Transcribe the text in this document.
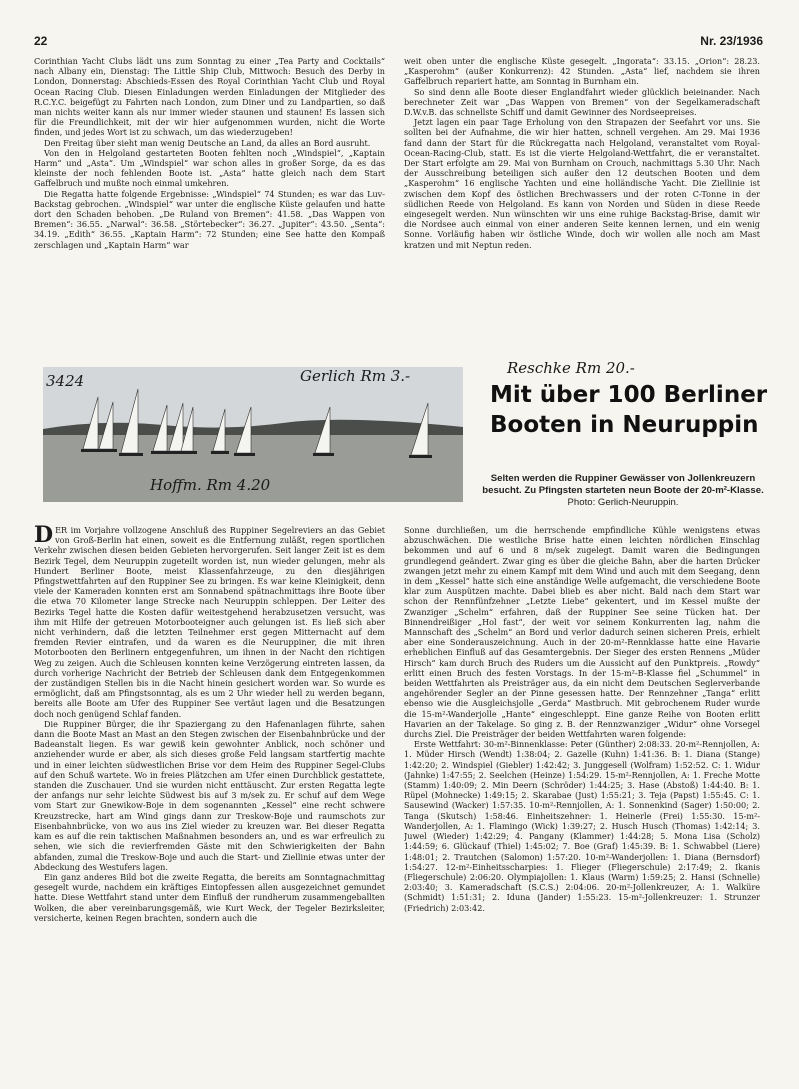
22	Nr. 23/1936

Corinthian Yacht Clubs lädt uns zum Sonntag zu einer „Tea Party and Cocktails“ nach Albany ein, Dienstag: The Little Ship Club, Mittwoch: Besuch des Derby in London, Donnerstag: Abschieds-Essen des Royal Corinthian Yacht Club und Royal Ocean Racing Club. Diesen Einladungen werden Einladungen der Mitglieder des R.C.Y.C. beigefügt zu Fahrten nach London, zum Diner und zu Landpartien, so daß man nichts weiter kann als nur immer wieder staunen und staunen! Es lassen sich für die Freundlichkeit, mit der wir hier aufgenommen wurden, nicht die Worte finden, und jedes Wort ist zu schwach, um das wiederzugeben!

Den Freitag über sieht man wenig Deutsche an Land, da alles an Bord ausruht.

Von den in Helgoland gestarteten Booten fehlten noch „Windspiel“, „Kaptain Harm“ und „Asta“. Um „Windspiel“ war schon alles in großer Sorge, da es das kleinste der noch fehlenden Boote ist. „Asta“ hatte gleich nach dem Start Gaffelbruch und mußte noch einmal umkehren.

Die Regatta hatte folgende Ergebnisse: „Windspiel“ 74 Stunden; es war das Luv-Backstag gebrochen. „Windspiel“ war unter die englische Küste gelaufen und hatte dort den Schaden behoben. „De Ruland von Bremen“: 41.58. „Das Wappen von Bremen“: 36.55. „Narwal“: 36.58. „Störtebecker“: 36.27. „Jupiter“: 43.50. „Senta“: 34.19. „Edith“ 36.55. „Kaptain Harm“: 72 Stunden; eine See hatte den Kompaß zerschlagen und „Kaptain Harm“ war

weit oben unter die englische Küste gesegelt. „Ingorata“: 33.15. „Orion“: 28.23. „Kasperohm“ (außer Konkurrenz): 42 Stunden. „Asta“ lief, nachdem sie ihren Gaffelbruch repariert hatte, am Sonntag in Burnham ein.

So sind denn alle Boote dieser Englandfahrt wieder glücklich beieinander. Nach berechneter Zeit war „Das Wappen von Bremen“ von der Segelkameradschaft D.W.v.B. das schnellste Schiff und damit Gewinner des Nordseepreises.

Jetzt lagen ein paar Tage Erholung von den Strapazen der Seefahrt vor uns. Sie sollten bei der Aufnahme, die wir hier hatten, schnell vergehen. Am 29. Mai 1936 fand dann der Start für die Rückregatta nach Helgoland, veranstaltet vom Royal-Ocean-Racing-Club, statt. Es ist die vierte Helgoland-Wettfahrt, die er veranstaltet. Der Start erfolgte am 29. Mai von Burnham on Crouch, nachmittags 5.30 Uhr. Nach der Ausschreibung beteiligen sich außer den 12 deutschen Booten und dem „Kasperohm“ 16 englische Yachten und eine holländische Yacht. Die Ziellinie ist zwischen dem Kopf des östlichen Brechwassers und der roten C-Tonne in der südlichen Reede von Helgoland. Es kann von Norden und Süden in diese Reede eingesegelt werden. Nun wünschten wir uns eine ruhige Backstag-Brise, damit wir die Nordsee auch einmal von einer anderen Seite kennen lernen, und ein wenig Sonne. Vorläufig haben wir östliche Winde, doch wir wollen alle noch am Mast kratzen und mit Neptun reden.

3424	Gerlich Rm 3.-	Reschke Rm 20.-
Hoffm. Rm 4.20
Mit über 100 Berliner
Booten in Neuruppin
Selten werden die Ruppiner Gewässer von Jollenkreuzern besucht. Zu Pfingsten starteten neun Boote der 20-m²-Klasse. Photo: Gerlich-Neuruppin.

DER im Vorjahre vollzogene Anschluß des Ruppiner Segelreviers an das Gebiet von Groß-Berlin hat einen, soweit es die Entfernung zuläßt, regen sportlichen Verkehr zwischen diesen beiden Gebieten hervorgerufen. Seit langer Zeit ist es dem Bezirk Tegel, dem Neuruppin zugeteilt worden ist, nun wieder gelungen, mehr als Hundert Berliner Boote, meist Klassenfahrzeuge, zu den diesjährigen Pfingstwettfahrten auf den Ruppiner See zu bringen. Es war keine Kleinigkeit, denn viele der Kameraden konnten erst am Sonnabend spätnachmittags ihre Boote über die etwa 70 Kilometer lange Strecke nach Neuruppin schleppen. Der Leiter des Bezirks Tegel hatte die Kosten dafür weitestgehend herabzusetzen versucht, was ihm mit Hilfe der getreuen Motorbooteigner auch gelungen ist. Es ließ sich aber nicht verhindern, daß die letzten Teilnehmer erst gegen Mitternacht auf dem fremden Revier eintrafen, und da waren es die Neuruppiner, die mit ihren Motorbooten den Berlinern entgegenfuhren, um ihnen in der Nacht den richtigen Weg zu zeigen. Auch die Schleusen konnten keine Verzögerung eintreten lassen, da durch vorherige Nachricht der Betrieb der Schleusen dank dem Entgegenkommen der zuständigen Stellen bis in die Nacht hinein gesichert worden war. So wurde es ermöglicht, daß am Pfingstsonntag, als es um 2 Uhr wieder hell zu werden begann, bereits alle Boote am Ufer des Ruppiner See vertäut lagen und die Besatzungen doch noch genügend Schlaf fanden.

Die Ruppiner Bürger, die ihr Spaziergang zu den Hafenanlagen führte, sahen dann die Boote Mast an Mast an den Stegen zwischen der Eisenbahnbrücke und der Badeanstalt liegen. Es war gewiß kein gewohnter Anblick, noch schöner und anziehender wurde er aber, als sich dieses große Feld langsam startfertig machte und in einer leichten südwestlichen Brise vor dem Heim des Ruppiner Segel-Clubs auf den Schuß wartete. Wo in freies Plätzchen am Ufer einen Durchblick gestattete, standen die Zuschauer. Und sie wurden nicht enttäuscht. Zur ersten Regatta legte der anfangs nur sehr leichte Südwest bis auf 3 m/sek zu. Er schuf auf dem Wege vom Start zur Gnewikow-Boje in dem sogenannten „Kessel“ eine recht schwere Kreuzstrecke, hart am Wind gings dann zur Treskow-Boje und raumschots zur Eisenbahnbrücke, von wo aus ins Ziel wieder zu kreuzen war. Bei dieser Regatta kam es auf die rein taktischen Maßnahmen besonders an, und es war erfreulich zu sehen, wie sich die revierfremden Gäste mit den Schwierigkeiten der Bahn abfanden, zumal die Treskow-Boje und auch die Start- und Ziellinie etwas unter der Abdeckung des Westufers lagen.

Ein ganz anderes Bild bot die zweite Regatta, die bereits am Sonntagnachmittag gesegelt wurde, nachdem ein kräftiges Eintopfessen allen ausgezeichnet gemundet hatte. Diese Wettfahrt stand unter dem Einfluß der rundherum zusammengeballten Wolken, die aber vereinbarungsgemäß, wie Kurt Weck, der Tegeler Bezirksleiter, versicherte, keinen Regen brachten, sondern auch die

Sonne durchließen, um die herrschende empfindliche Kühle wenigstens etwas abzuschwächen. Die westliche Brise hatte einen leichten nördlichen Einschlag bekommen und auf 6 und 8 m/sek zugelegt. Damit waren die Bedingungen grundlegend geändert. Zwar ging es über die gleiche Bahn, aber die harten Drücker zwangen jetzt mehr zu einem Kampf mit dem Wind und auch mit dem Seegang, denn in dem „Kessel“ hatte sich eine anständige Welle aufgemacht, die verschiedene Boote klar zum Auspützen machte. Dabei blieb es aber nicht. Bald nach dem Start war schon der Rennfünfzehner „Letzte Liebe“ gekentert, und im Kessel mußte der Zwanziger „Schelm“ erfahren, daß der Ruppiner See seine Tücken hat. Der Binnendreißiger „Hol fast“, der weit vor seinem Konkurrenten lag, nahm die Mannschaft des „Schelm“ an Bord und verlor dadurch seinen sicheren Preis, erhielt aber eine Sonderauszeichnung. Auch in der 20-m²-Rennklasse hatte eine Havarie erheblichen Einfluß auf das Gesamtergebnis. Der Sieger des ersten Rennens „Müder Hirsch“ kam durch Bruch des Ruders um die Aussicht auf den Punktpreis. „Rowdy“ erlitt einen Bruch des festen Vorstags. In der 15-m²-B-Klasse fiel „Schummel“ in beiden Wettfahrten als Preisträger aus, da ein nicht dem Deutschen Seglerverbande angehörender Segler an der Pinne gesessen hatte. Der Rennzehner „Tanga“ erlitt ebenso wie die Ausgleichsjolle „Gerda“ Mastbruch. Mit gebrochenem Ruder wurde die 15-m²-Wanderjolle „Hante“ eingeschleppt. Eine ganze Reihe von Booten erlitt Havarien an der Takelage. So ging z. B. der Rennzwanziger „Widur“ ohne Vorsegel durchs Ziel. Die Preisträger der beiden Wettfahrten waren folgende:

Erste Wettfahrt: 30-m²-Binnenklasse: Peter (Günther) 2:08:33. 20-m²-Rennjollen, A: 1. Müder Hirsch (Wendt) 1:38:04; 2. Gazelle (Kuhn) 1:41:36. B: 1. Diana (Stange) 1:42:20; 2. Windspiel (Giebler) 1:42:42; 3. Junggesell (Wolfram) 1:52:52. C: 1. Widur (Jahnke) 1:47:55; 2. Seelchen (Heinze) 1:54:29. 15-m²-Rennjollen, A: 1. Freche Motte (Stamm) 1:40:09; 2. Min Deern (Schröder) 1:44:25; 3. Hase (Abstoß) 1:44:40. B: 1. Rüpel (Mohnecke) 1:49:15; 2. Skarabae (Just) 1:55:21; 3. Teja (Papst) 1:55:45. C: 1. Sausewind (Wacker) 1:57:35. 10-m²-Rennjollen, A: 1. Sonnenkind (Sager) 1:50:00; 2. Tanga (Skutsch) 1:58:46. Einheitszehner: 1. Heinerle (Frei) 1:55:30. 15-m²-Wanderjollen, A: 1. Flamingo (Wick) 1:39:27; 2. Husch Husch (Thomas) 1:42:14; 3. Juwel (Wieder) 1:42:29; 4. Pangany (Klammer) 1:44:28; 5. Mona Lisa (Scholz) 1:44:59; 6. Glückauf (Thiel) 1:45:02; 7. Boe (Graf) 1:45:39. B: 1. Schwabbel (Liere) 1:48:01; 2. Trautchen (Salomon) 1:57:20. 10-m²-Wanderjollen: 1. Diana (Bernsdorf) 1:54:27. 12-m²-Einheitsscharpies: 1. Flieger (Fliegerschule) 2:17:49; 2. Ikanis (Fliegerschule) 2:06:20. Olympiajollen: 1. Klaus (Warm) 1:59:25; 2. Hansi (Schnelle) 2:03:40; 3. Kameradschaft (S.C.S.) 2:04:06. 20-m²-Jollenkreuzer, A: 1. Walküre (Schmidt) 1:51:31; 2. Iduna (Jander) 1:55:23. 15-m²-Jollenkreuzer: 1. Strunzer (Friedrich) 2:03:42.
